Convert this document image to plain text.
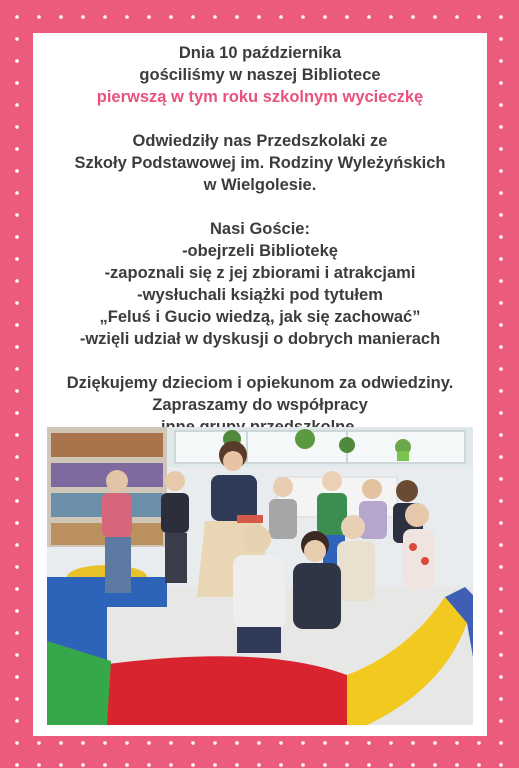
Dnia 10 października

gościliśmy w naszej Bibliotece

pierwszą w tym roku szkolnym wycieczkę

Odwiedziły nas Przedszkolaki ze

Szkoły Podstawowej im. Rodziny Wyleżyńskich

w Wielgolesie.

Nasi Goście:

-obejrzeli Bibliotekę

-zapoznali się z jej zbiorami i atrakcjami

-wysłuchali książki pod tytułem

„Feluś i Gucio wiedzą, jak się zachować”

-wzięli udział w dyskusji o dobrych manierach

Dziękujemy dzieciom i opiekunom za odwiedziny.

Zapraszamy do współpracy
